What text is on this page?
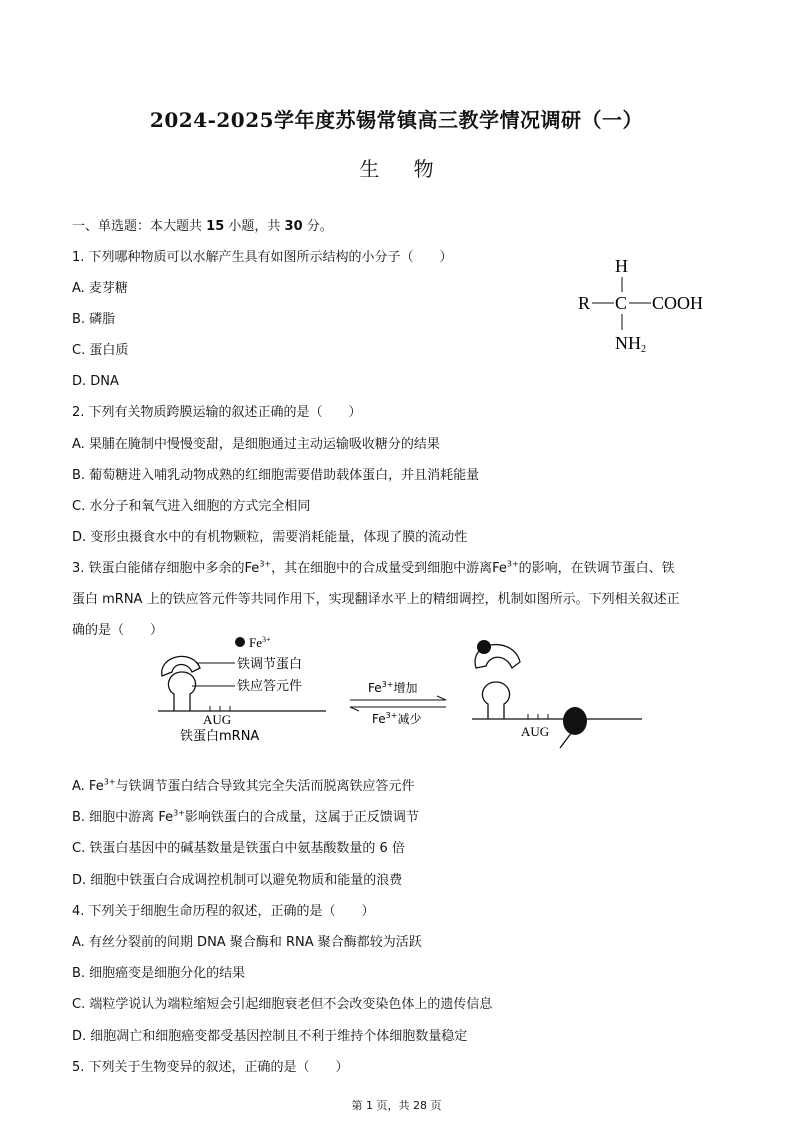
2024-2025学年度苏锡常镇高三教学情况调研（一）
生 物
一、单选题：本大题共 15 小题，共 30 分。
1. 下列哪种物质可以水解产生具有如图所示结构的小分子（　　）
A. 麦芽糖
B. 磷脂
C. 蛋白质
D. DNA
H
R C COOH
NH2
2. 下列有关物质跨膜运输的叙述正确的是（　　）
A. 果脯在腌制中慢慢变甜，是细胞通过主动运输吸收糖分的结果
B. 葡萄糖进入哺乳动物成熟的红细胞需要借助载体蛋白，并且消耗能量
C. 水分子和氧气进入细胞的方式完全相同
D. 变形虫摄食水中的有机物颗粒，需要消耗能量，体现了膜的流动性
3. 铁蛋白能储存细胞中多余的$Fe^{3+}$，其在细胞中的合成量受到细胞中游离$Fe^{3+}$的影响，在铁调节蛋白、铁
蛋白 mRNA 上的铁应答元件等共同作用下，实现翻译水平上的精细调控，机制如图所示。下列相关叙述正
确的是（　　）
$Fe^{3+}$
铁调节蛋白
铁应答元件
AUG
铁蛋白mRNA
$Fe^{3+}$增加
$Fe^{3+}$减少
AUG
A. $Fe^{3+}$与铁调节蛋白结合导致其完全失活而脱离铁应答元件
B. 细胞中游离 $Fe^{3+}$影响铁蛋白的合成量，这属于正反馈调节
C. 铁蛋白基因中的碱基数量是铁蛋白中氨基酸数量的 6 倍
D. 细胞中铁蛋白合成调控机制可以避免物质和能量的浪费
4. 下列关于细胞生命历程的叙述，正确的是（　　）
A. 有丝分裂前的间期 DNA 聚合酶和 RNA 聚合酶都较为活跃
B. 细胞癌变是细胞分化的结果
C. 端粒学说认为端粒缩短会引起细胞衰老但不会改变染色体上的遗传信息
D. 细胞凋亡和细胞癌变都受基因控制且不利于维持个体细胞数量稳定
5. 下列关于生物变异的叙述，正确的是（　　）
第 1 页，共 28 页
